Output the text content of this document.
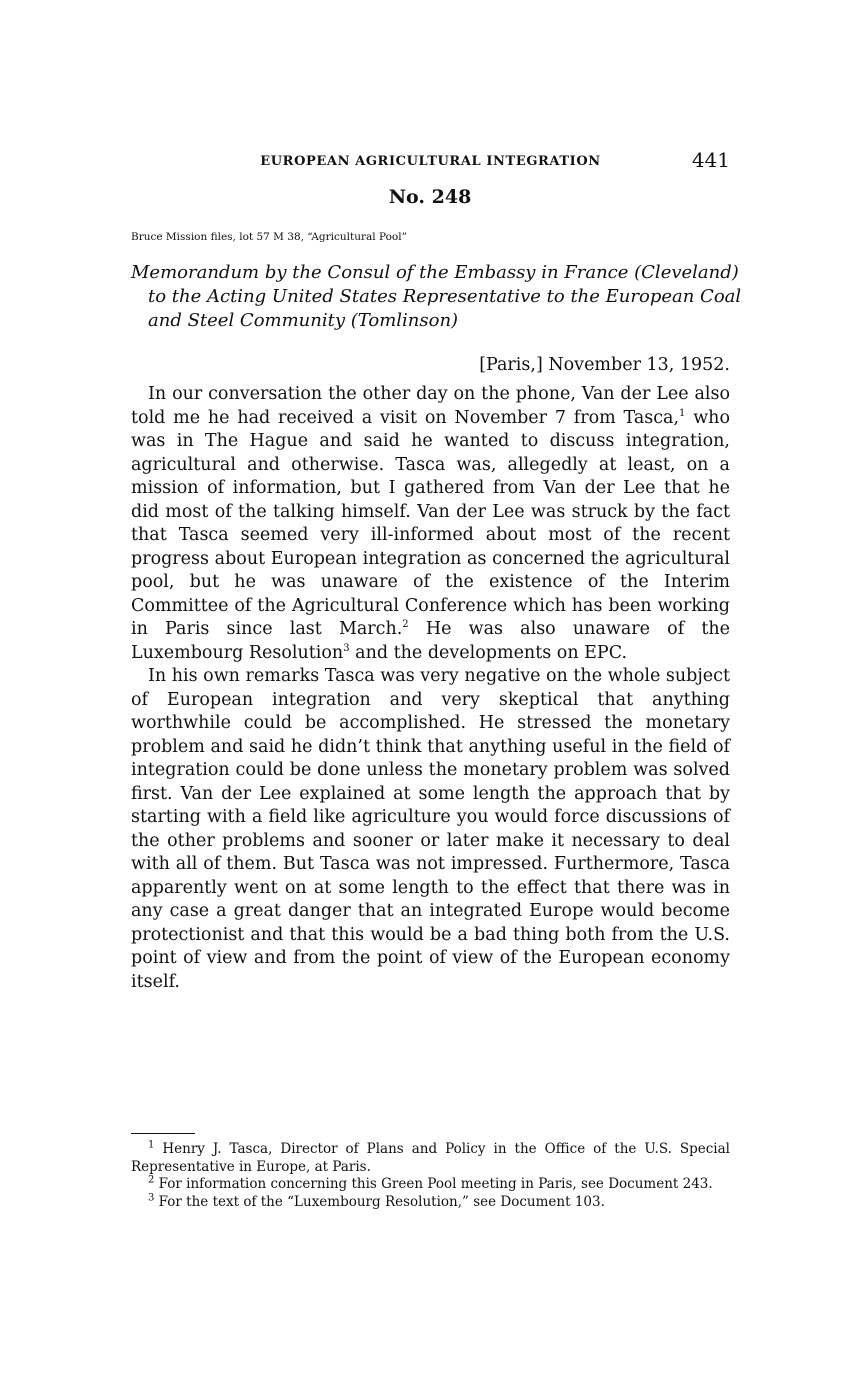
EUROPEAN AGRICULTURAL INTEGRATION	441
No. 248
Bruce Mission files, lot 57 M 38, “Agricultural Pool”
Memorandum by the Consul of the Embassy in France (Cleveland) to the Acting United States Representative to the European Coal and Steel Community (Tomlinson)
[Paris,] November 13, 1952.

In our conversation the other day on the phone, Van der Lee also told me he had received a visit on November 7 from Tasca,$^1$ who was in The Hague and said he wanted to discuss integration, agricultural and otherwise. Tasca was, allegedly at least, on a mission of information, but I gathered from Van der Lee that he did most of the talking himself. Van der Lee was struck by the fact that Tasca seemed very ill-informed about most of the recent progress about European integration as concerned the agricultural pool, but he was unaware of the existence of the Interim Committee of the Agricultural Conference which has been working in Paris since last March.$^2$ He was also unaware of the Luxembourg Resolution$^3$ and the developments on EPC.

In his own remarks Tasca was very negative on the whole subject of European integration and very skeptical that anything worthwhile could be accomplished. He stressed the monetary problem and said he didn’t think that anything useful in the field of integration could be done unless the monetary problem was solved first. Van der Lee explained at some length the approach that by starting with a field like agriculture you would force discussions of the other problems and sooner or later make it necessary to deal with all of them. But Tasca was not impressed. Furthermore, Tasca apparently went on at some length to the effect that there was in any case a great danger that an integrated Europe would become protectionist and that this would be a bad thing both from the U.S. point of view and from the point of view of the European economy itself.

$^1$ Henry J. Tasca, Director of Plans and Policy in the Office of the U.S. Special Representative in Europe, at Paris.

$^2$ For information concerning this Green Pool meeting in Paris, see Document 243.

$^3$ For the text of the “Luxembourg Resolution,” see Document 103.
